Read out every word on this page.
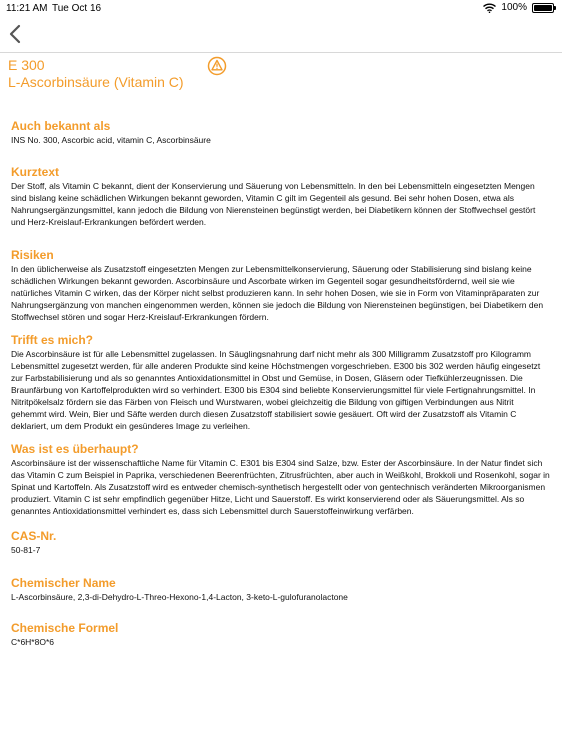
11:21 AM Tue Oct 16	100%
E 300
L-Ascorbinsäure (Vitamin C)
Auch bekannt als

INS No. 300, Ascorbic acid, vitamin C, Ascorbinsäure

Kurztext

Der Stoff, als Vitamin C bekannt, dient der Konservierung und Säuerung von Lebensmitteln. In den bei Lebensmitteln eingesetzten Mengen sind bislang keine schädlichen Wirkungen bekannt geworden, Vitamin C gilt im Gegenteil als gesund. Bei sehr hohen Dosen, etwa als Nahrungsergänzungsmittel, kann jedoch die Bildung von Nierensteinen begünstigt werden, bei Diabetikern können der Stoffwechsel gestört und Herz-Kreislauf-Erkrankungen befördert werden.

Risiken

In den üblicherweise als Zusatzstoff eingesetzten Mengen zur Lebensmittelkonservierung, Säuerung oder Stabilisierung sind bislang keine schädlichen Wirkungen bekannt geworden. Ascorbinsäure und Ascorbate wirken im Gegenteil sogar gesundheitsfördernd, weil sie wie natürliches Vitamin C wirken, das der Körper nicht selbst produzieren kann. In sehr hohen Dosen, wie sie in Form von Vitaminpräparaten zur Nahrungsergänzung von manchen eingenommen werden, können sie jedoch die Bildung von Nierensteinen begünstigen, bei Diabetikern den Stoffwechsel stören und sogar Herz-Kreislauf-Erkrankungen fördern.

Trifft es mich?

Die Ascorbinsäure ist für alle Lebensmittel zugelassen. In Säuglingsnahrung darf nicht mehr als 300 Milligramm Zusatzstoff pro Kilogramm Lebensmittel zugesetzt werden, für alle anderen Produkte sind keine Höchstmengen vorgeschrieben. E300 bis 302 werden häufig eingesetzt zur Farbstabilisierung und als so genanntes Antioxidationsmittel in Obst und Gemüse, in Dosen, Gläsern oder Tiefkühlerzeugnissen. Die Braunfärbung von Kartoffelprodukten wird so verhindert. E300 bis E304 sind beliebte Konservierungsmittel für viele Fertignahrungsmittel. In Nitritpökelsalz fördern sie das Färben von Fleisch und Wurstwaren, wobei gleichzeitig die Bildung von giftigen Verbindungen aus Nitrit gehemmt wird. Wein, Bier und Säfte werden durch diesen Zusatzstoff stabilisiert sowie gesäuert. Oft wird der Zusatzstoff als Vitamin C deklariert, um dem Produkt ein gesünderes Image zu verleihen.

Was ist es überhaupt?

Ascorbinsäure ist der wissenschaftliche Name für Vitamin C. E301 bis E304 sind Salze, bzw. Ester der Ascorbinsäure. In der Natur findet sich das Vitamin C zum Beispiel in Paprika, verschiedenen Beerenfrüchten, Zitrusfrüchten, aber auch in Weißkohl, Brokkoli und Rosenkohl, sogar in Spinat und Kartoffeln. Als Zusatzstoff wird es entweder chemisch-synthetisch hergestellt oder von gentechnisch veränderten Mikroorganismen produziert. Vitamin C ist sehr empfindlich gegenüber Hitze, Licht und Sauerstoff. Es wirkt konservierend oder als Säuerungsmittel. Als so genanntes Antioxidationsmittel verhindert es, dass sich Lebensmittel durch Sauerstoffeinwirkung verfärben.

CAS-Nr.

50-81-7

Chemischer Name

L-Ascorbinsäure, 2,3-di-Dehydro-L-Threo-Hexono-1,4-Lacton, 3-keto-L-gulofuranolactone

Chemische Formel

C*6H*8O*6
